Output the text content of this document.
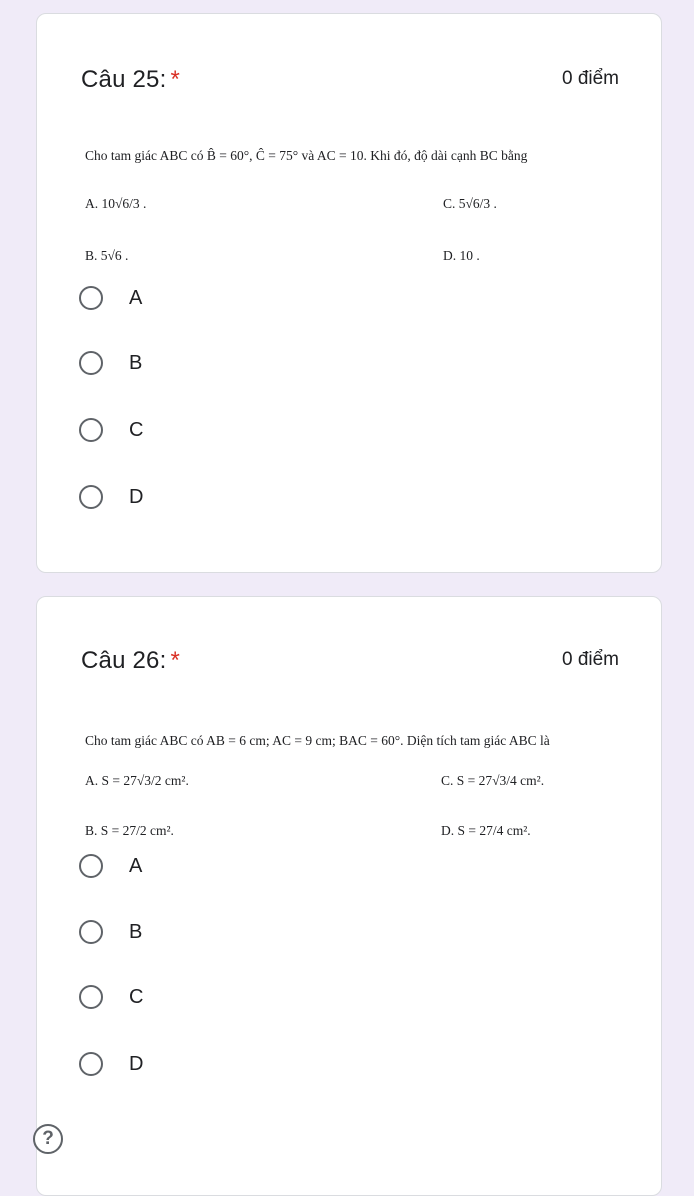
Câu 25: *	0 điểm
Cho tam giác ABC có B̂ = 60°, Ĉ = 75° và AC = 10. Khi đó, độ dài cạnh BC bằng
A. 10√6/3 .	C. 5√6/3 .
B. 5√6 .	D. 10 .
A
B
C
D
Câu 26: *	0 điểm
Cho tam giác ABC có AB = 6 cm; AC = 9 cm; BAC = 60°. Diện tích tam giác ABC là
A. S = 27√3/2 cm².	C. S = 27√3/4 cm².
B. S = 27/2 cm².	D. S = 27/4 cm².
A
B
C
D
?
